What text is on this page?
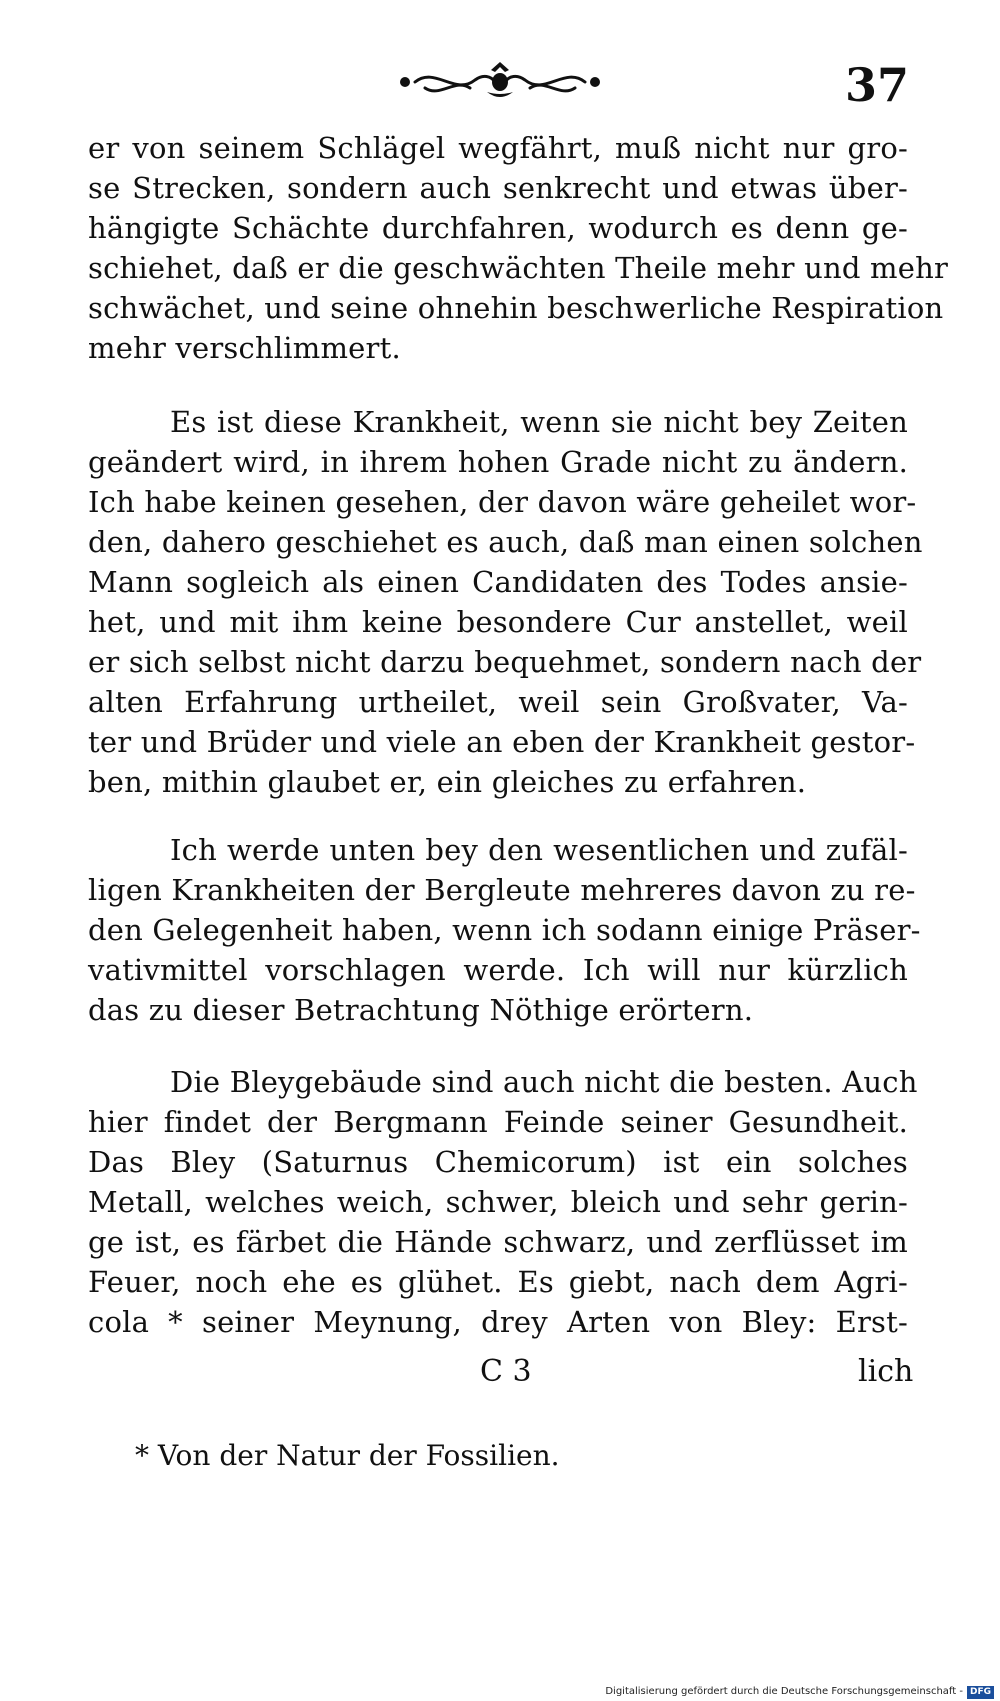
37
er von seinem Schlägel wegfährt, muß nicht nur gro-
se Strecken, sondern auch senkrecht und etwas über-
hängigte Schächte durchfahren, wodurch es denn ge-
schiehet, daß er die geschwächten Theile mehr und mehr
schwächet, und seine ohnehin beschwerliche Respiration
mehr verschlimmert.
Es ist diese Krankheit, wenn sie nicht bey Zeiten
geändert wird, in ihrem hohen Grade nicht zu ändern.
Ich habe keinen gesehen, der davon wäre geheilet wor-
den, dahero geschiehet es auch, daß man einen solchen
Mann sogleich als einen Candidaten des Todes ansie-
het, und mit ihm keine besondere Cur anstellet, weil
er sich selbst nicht darzu bequehmet, sondern nach der
alten Erfahrung urtheilet, weil sein Großvater, Va-
ter und Brüder und viele an eben der Krankheit gestor-
ben, mithin glaubet er, ein gleiches zu erfahren.
Ich werde unten bey den wesentlichen und zufäl-
ligen Krankheiten der Bergleute mehreres davon zu re-
den Gelegenheit haben, wenn ich sodann einige Präser-
vativmittel vorschlagen werde. Ich will nur kürzlich
das zu dieser Betrachtung Nöthige erörtern.
Die Bleygebäude sind auch nicht die besten. Auch
hier findet der Bergmann Feinde seiner Gesundheit.
Das Bley (Saturnus Chemicorum) ist ein solches
Metall, welches weich, schwer, bleich und sehr gerin-
ge ist, es färbet die Hände schwarz, und zerflüsset im
Feuer, noch ehe es glühet. Es giebt, nach dem Agri-
cola * seiner Meynung, drey Arten von Bley: Erst-
C 3	lich
* Von der Natur der Fossilien.
Digitalisierung gefördert durch die Deutsche Forschungsgemeinschaft - DFG
